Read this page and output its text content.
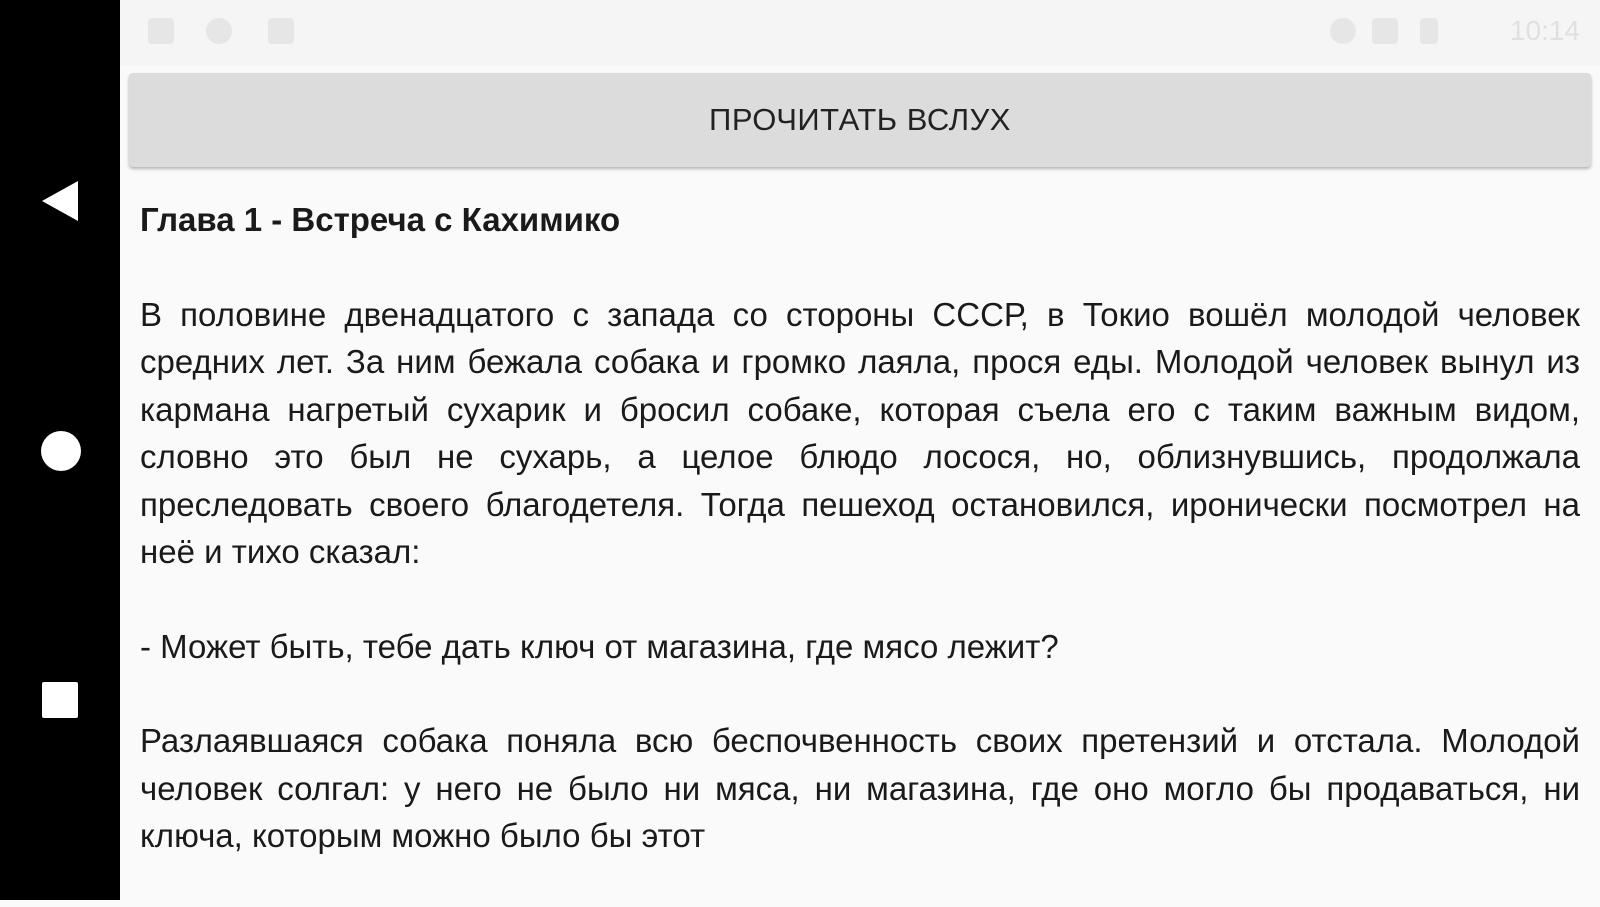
10:14
ПРОЧИТАТЬ ВСЛУХ
Глава 1 - Встреча с Кахимико

В половине двенадцатого с запада со стороны СССР, в Токио вошёл молодой человек средних лет. За ним бежала собака и громко лаяла, прося еды. Молодой человек вынул из кармана нагретый сухарик и бросил собаке, которая съела его с таким важным видом, словно это был не сухарь, а целое блюдо лосося, но, облизнувшись, продолжала преследовать своего благодетеля. Тогда пешеход остановился, иронически посмотрел на неё и тихо сказал:

- Может быть, тебе дать ключ от магазина, где мясо лежит?

Разлаявшаяся собака поняла всю беспочвенность своих претензий и отстала. Молодой человек солгал: у него не было ни мяса, ни магазина, где оно могло бы продаваться, ни ключа, которым можно было бы этот
